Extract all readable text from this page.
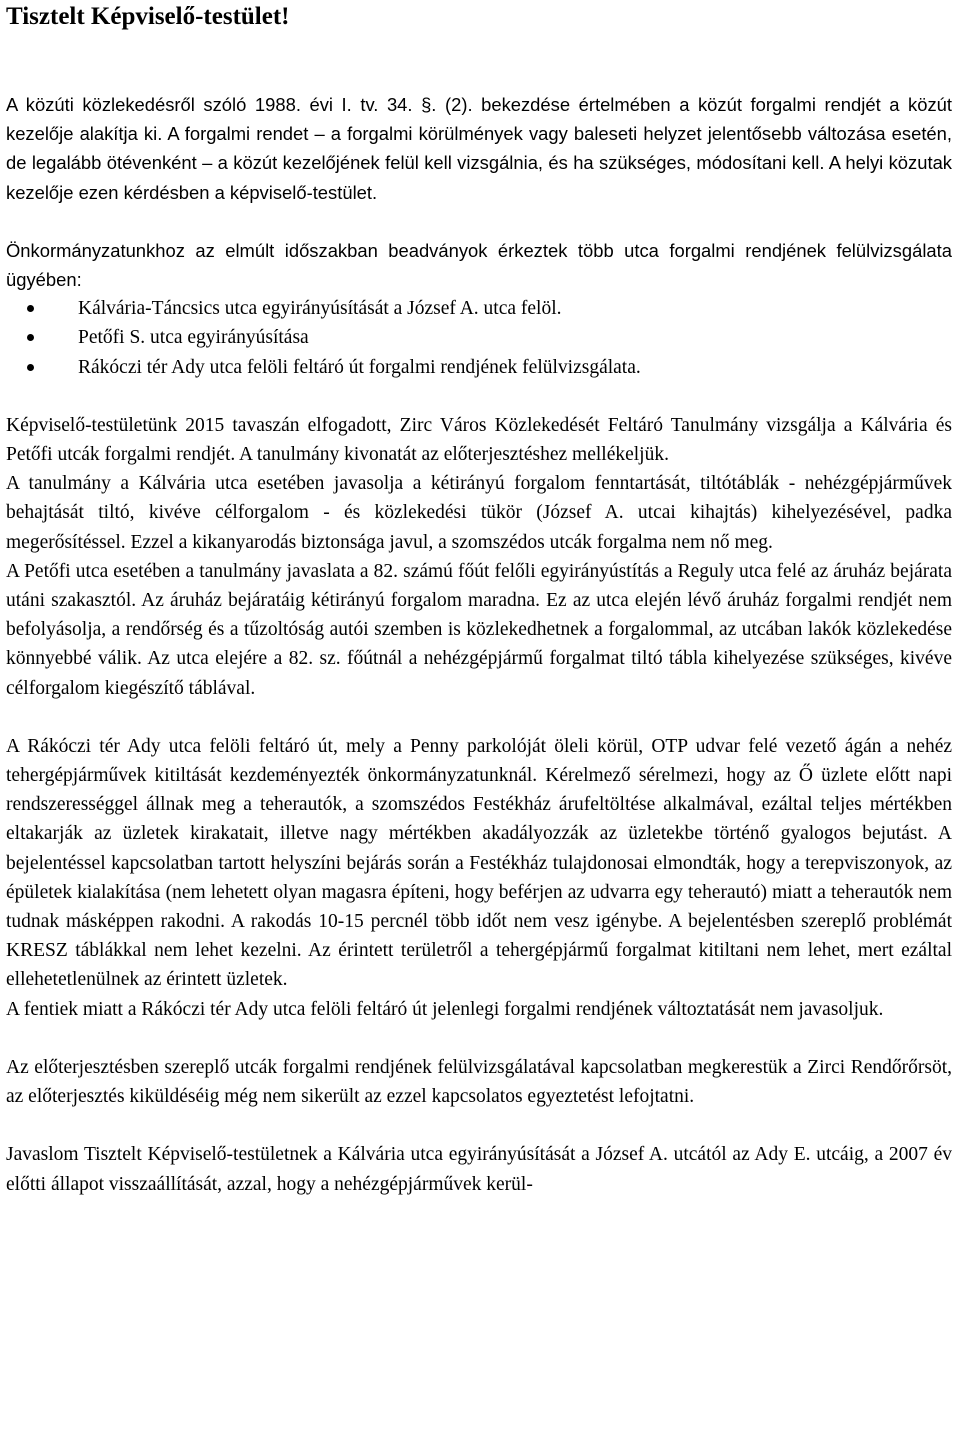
Tisztelt Képviselő-testület!

A közúti közlekedésről szóló 1988. évi I. tv. 34. §. (2). bekezdése értelmében a közút forgalmi rendjét a közút kezelője alakítja ki. A forgalmi rendet – a forgalmi körülmények vagy baleseti helyzet jelentősebb változása esetén, de legalább ötévenként – a közút kezelőjének felül kell vizsgálnia, és ha szükséges, módosítani kell. A helyi közutak kezelője ezen kérdésben a képviselő-testület.

Önkormányzatunkhoz az elmúlt időszakban beadványok érkeztek több utca forgalmi rendjének felülvizsgálata ügyében:

Kálvária-Táncsics utca egyirányúsítását a József A. utca felöl.
Petőfi S. utca egyirányúsítása
Rákóczi tér Ady utca felöli feltáró út forgalmi rendjének felülvizsgálata.

Képviselő-testületünk 2015 tavaszán elfogadott, Zirc Város Közlekedését Feltáró Tanulmány vizsgálja a Kálvária és Petőfi utcák forgalmi rendjét. A tanulmány kivonatát az előterjesztéshez mellékeljük.

A tanulmány a Kálvária utca esetében javasolja a kétirányú forgalom fenntartását, tiltótáblák - nehézgépjárművek behajtását tiltó, kivéve célforgalom - és közlekedési tükör (József A. utcai kihajtás) kihelyezésével, padka megerősítéssel. Ezzel a kikanyarodás biztonsága javul, a szomszédos utcák forgalma nem nő meg.

A Petőfi utca esetében a tanulmány javaslata a 82. számú főút felőli egyirányústítás a Reguly utca felé az áruház bejárata utáni szakasztól. Az áruház bejáratáig kétirányú forgalom maradna. Ez az utca elején lévő áruház forgalmi rendjét nem befolyásolja, a rendőrség és a tűzoltóság autói szemben is közlekedhetnek a forgalommal, az utcában lakók közlekedése könnyebbé válik. Az utca elejére a 82. sz. főútnál a nehézgépjármű forgalmat tiltó tábla kihelyezése szükséges, kivéve célforgalom kiegészítő táblával.

A Rákóczi tér Ady utca felöli feltáró út, mely a Penny parkolóját öleli körül, OTP udvar felé vezető ágán a nehéz tehergépjárművek kitiltását kezdeményezték önkormányzatunknál. Kérelmező sérelmezi, hogy az Ő üzlete előtt napi rendszerességgel állnak meg a teherautók, a szomszédos Festékház árufeltöltése alkalmával, ezáltal teljes mértékben eltakarják az üzletek kirakatait, illetve nagy mértékben akadályozzák az üzletekbe történő gyalogos bejutást. A bejelentéssel kapcsolatban tartott helyszíni bejárás során a Festékház tulajdonosai elmondták, hogy a terepviszonyok, az épületek kialakítása (nem lehetett olyan magasra építeni, hogy beférjen az udvarra egy teherautó) miatt a teherautók nem tudnak másképpen rakodni. A rakodás 10-15 percnél több időt nem vesz igénybe. A bejelentésben szereplő problémát KRESZ táblákkal nem lehet kezelni. Az érintett területről a tehergépjármű forgalmat kitiltani nem lehet, mert ezáltal ellehetetlenülnek az érintett üzletek.

A fentiek miatt a Rákóczi tér Ady utca felöli feltáró út jelenlegi forgalmi rendjének változtatását nem javasoljuk.

Az előterjesztésben szereplő utcák forgalmi rendjének felülvizsgálatával kapcsolatban megkerestük a Zirci Rendőrőrsöt, az előterjesztés kiküldéséig még nem sikerült az ezzel kapcsolatos egyeztetést lefojtatni.

Javaslom Tisztelt Képviselő-testületnek a Kálvária utca egyirányúsítását a József A. utcától az Ady E. utcáig, a 2007 év előtti állapot visszaállítását, azzal, hogy a nehézgépjárművek kerül-
